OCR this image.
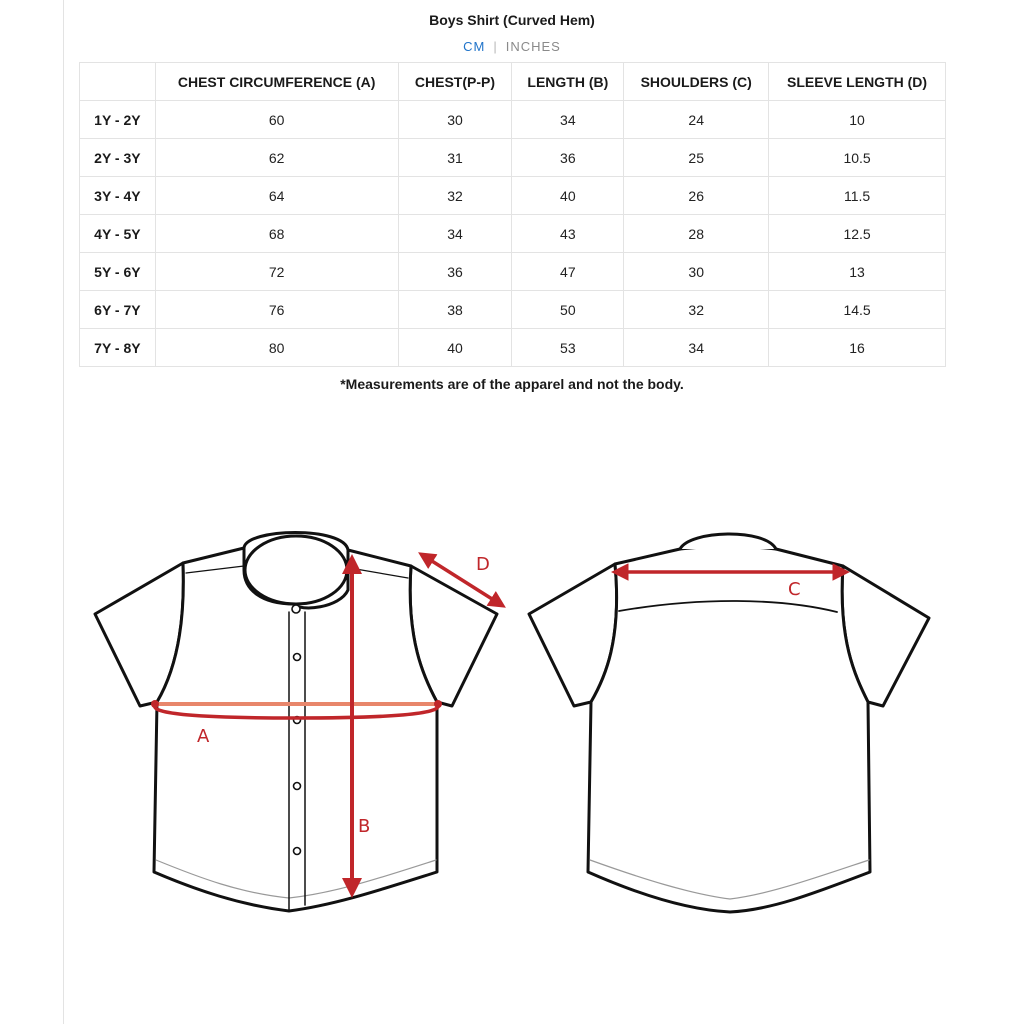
Boys Shirt (Curved Hem)
CM | INCHES
	CHEST CIRCUMFERENCE (A)	CHEST(P-P)	LENGTH (B)	SHOULDERS (C)	SLEEVE LENGTH (D)
1Y - 2Y	60	30	34	24	10
2Y - 3Y	62	31	36	25	10.5
3Y - 4Y	64	32	40	26	11.5
4Y - 5Y	68	34	43	28	12.5
5Y - 6Y	72	36	47	30	13
6Y - 7Y	76	38	50	32	14.5
7Y - 8Y	80	40	53	34	16
*Measurements are of the apparel and not the body.
A
B
D
C
